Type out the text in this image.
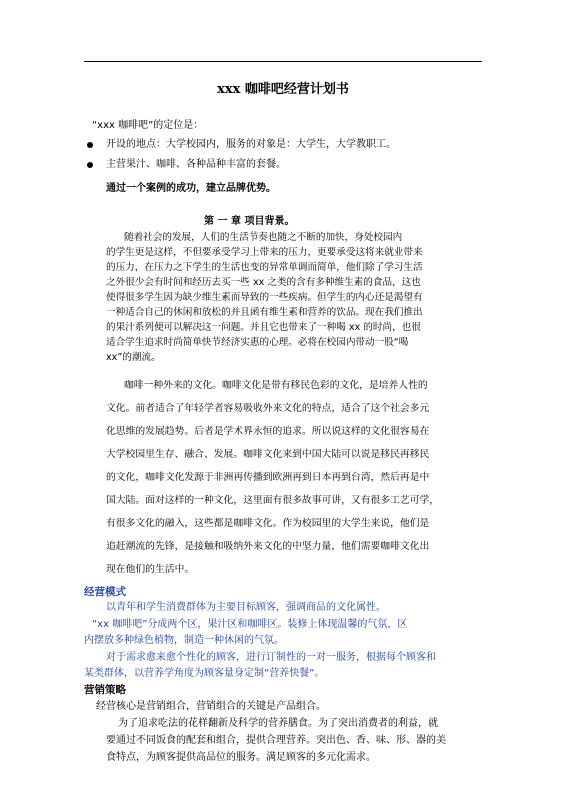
xxx 咖啡吧经营计划书
“xxx 咖啡吧”的定位是：
开设的地点：大学校园内，服务的对象是：大学生，大学教职工。
主营果汁、咖啡、各种品种丰富的套餐。
通过一个案例的成功，建立品牌优势。
第 一 章 项目背景。
随着社会的发展，人们的生活节奏也随之不断的加快，身处校园内
的学生更是这样，不但要承受学习上带来的压力，更要承受这将来就业带来
的压力，在压力之下学生的生活也变的异常单调而简单，他们除了学习生活
之外很少会有时间和经历去买一些 xx 之类的含有多种维生素的食品，这也
使得很多学生因为缺少维生素而导致的一些疾病。但学生的内心还是渴望有
一种适合自己的休闲和放松的并且函有维生素和营养的饮品。现在我们推出
的果汁系列便可以解决这一问题。并且它也带来了一种喝 xx 的时尚，也很
适合学生追求时尚简单快节经济实惠的心理。必将在校园内带动一股“喝
xx”的潮流。
咖啡一种外来的文化。咖啡文化是带有移民色彩的文化，是培养人性的
文化。前者适合了年轻学者容易吸收外来文化的特点，适合了这个社会多元
化思维的发展趋势。后者是学术界永恒的追求。所以说这样的文化很容易在
大学校园里生存、融合、发展。咖啡文化来到中国大陆可以说是移民再移民
的文化，咖啡文化发源于非洲再传播到欧洲再到日本再到台湾，然后再是中
国大陆。面对这样的一种文化，这里面有很多故事可讲，又有很多工艺可学，
有很多文化的融入，这些都是咖啡文化。作为校园里的大学生来说，他们是
追赶潮流的先锋，是接触和吸纳外来文化的中坚力量，他们需要咖啡文化出
现在他们的生活中。
经营模式
以青年和学生消费群体为主要目标顾客，强调商品的文化属性。
“xx 咖啡吧”分成两个区，果汁区和咖啡区。装修上体现温馨的气氛，区
内摆放多种绿色植物，制造一种休闲的气氛。
对于需求愈来愈个性化的顾客，进行订制性的一对一服务，根据每个顾客和
某类群体，以营养学角度为顾客量身定制“营养快餐”。
营销策略
经营核心是营销组合，营销组合的关键是产品组合。
为了追求吃法的花样翻新及科学的营养膳食。为了突出消费者的利益，就
要通过不同饭食的配套和组合，提供合理营养。突出色、香、味、形、器的美
食特点，为顾客提供高品位的服务。满足顾客的多元化需求。
